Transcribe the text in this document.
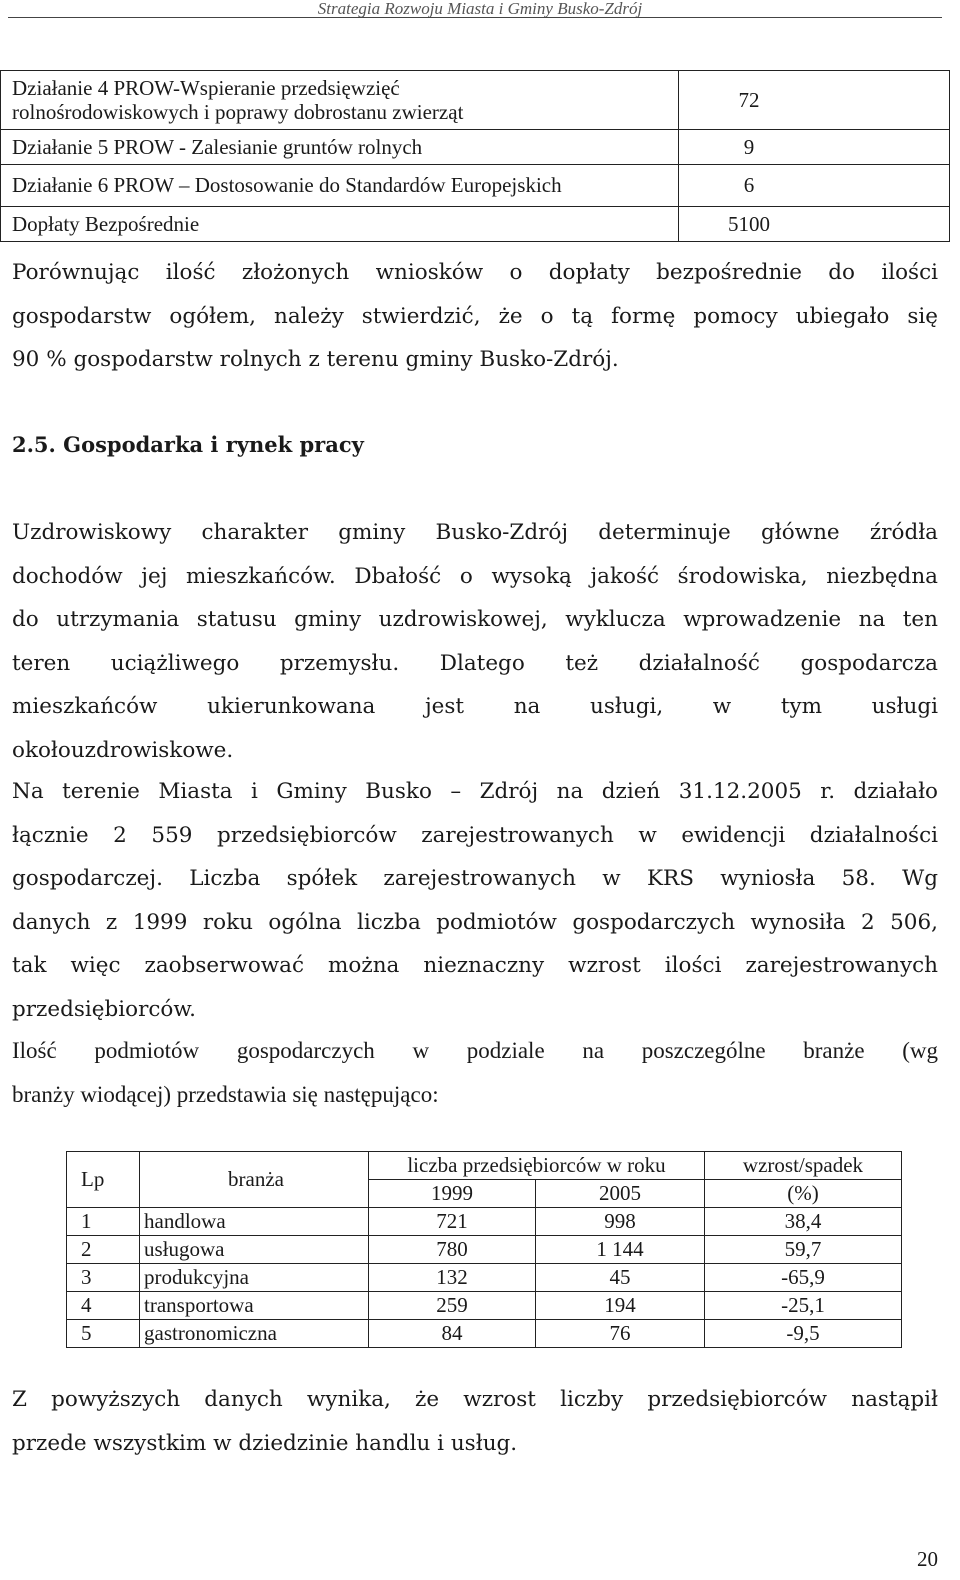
Strategia Rozwoju Miasta i Gminy Busko-Zdrój
Działanie 4 PROW-Wspieranie przedsięwzięć
rolnośrodowiskowych i poprawy dobrostanu zwierząt	72
Działanie 5 PROW - Zalesianie gruntów rolnych	9
Działanie 6 PROW – Dostosowanie do Standardów Europejskich	6
Dopłaty Bezpośrednie	5100
Porównując ilość złożonych wniosków o dopłaty bezpośrednie do ilości
gospodarstw ogółem, należy stwierdzić, że o tą formę pomocy ubiegało się
90 % gospodarstw rolnych z terenu gminy Busko-Zdrój.
2.5. Gospodarka i rynek pracy
Uzdrowiskowy charakter gminy Busko-Zdrój determinuje główne źródła
dochodów jej mieszkańców. Dbałość o wysoką jakość środowiska, niezbędna
do utrzymania statusu gminy uzdrowiskowej, wyklucza wprowadzenie na ten
teren uciążliwego przemysłu. Dlatego też działalność gospodarcza
mieszkańców ukierunkowana jest na usługi, w tym usługi
okołouzdrowiskowe.
Na terenie Miasta i Gminy Busko – Zdrój na dzień 31.12.2005 r. działało
łącznie 2 559 przedsiębiorców zarejestrowanych w ewidencji działalności
gospodarczej. Liczba spółek zarejestrowanych w KRS wyniosła 58. Wg
danych z 1999 roku ogólna liczba podmiotów gospodarczych wynosiła 2 506,
tak więc zaobserwować można nieznaczny wzrost ilości zarejestrowanych
przedsiębiorców.
Ilość podmiotów gospodarczych w podziale na poszczególne branże (wg
branży wiodącej) przedstawia się następująco:
Lp	branża	liczba przedsiębiorców w roku		wzrost/spadek
		1999	2005	(%)
1	handlowa	721	998	38,4
2	usługowa	780	1 144	59,7
3	produkcyjna	132	45	-65,9
4	transportowa	259	194	-25,1
5	gastronomiczna	84	76	-9,5
Z powyższych danych wynika, że wzrost liczby przedsiębiorców nastąpił
przede wszystkim w dziedzinie handlu i usług.
20
